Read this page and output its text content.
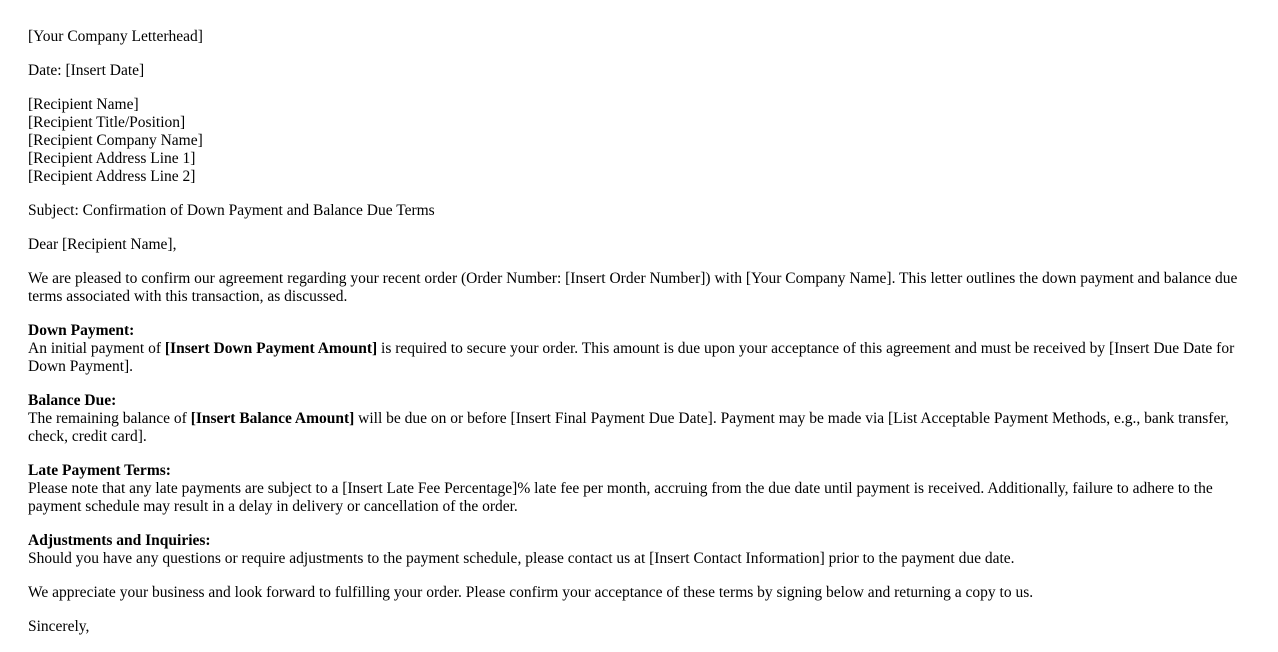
[Your Company Letterhead]
Date: [Insert Date]
[Recipient Name]
[Recipient Title/Position]
[Recipient Company Name]
[Recipient Address Line 1]
[Recipient Address Line 2]
Subject: Confirmation of Down Payment and Balance Due Terms
Dear [Recipient Name],
We are pleased to confirm our agreement regarding your recent order (Order Number: [Insert Order Number]) with [Your Company Name]. This letter outlines the down payment and balance due terms associated with this transaction, as discussed.
Down Payment:
An initial payment of [Insert Down Payment Amount] is required to secure your order. This amount is due upon your acceptance of this agreement and must be received by [Insert Due Date for Down Payment].
Balance Due:
The remaining balance of [Insert Balance Amount] will be due on or before [Insert Final Payment Due Date]. Payment may be made via [List Acceptable Payment Methods, e.g., bank transfer, check, credit card].
Late Payment Terms:
Please note that any late payments are subject to a [Insert Late Fee Percentage]% late fee per month, accruing from the due date until payment is received. Additionally, failure to adhere to the payment schedule may result in a delay in delivery or cancellation of the order.
Adjustments and Inquiries:
Should you have any questions or require adjustments to the payment schedule, please contact us at [Insert Contact Information] prior to the payment due date.
We appreciate your business and look forward to fulfilling your order. Please confirm your acceptance of these terms by signing below and returning a copy to us.
Sincerely,
